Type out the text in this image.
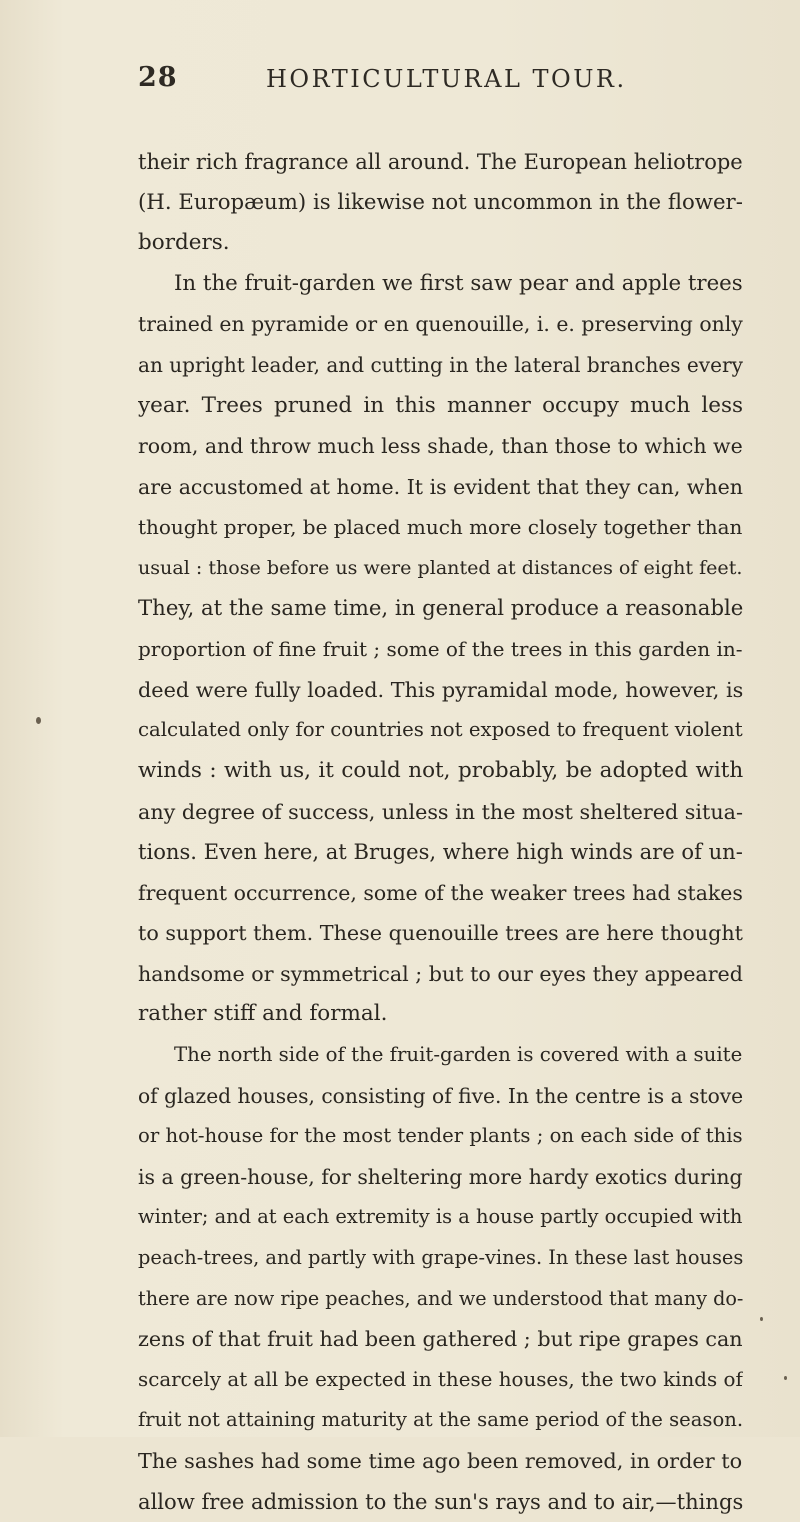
28	HORTICULTURAL TOUR.
their rich fragrance all around. The European heliotrope
(H. Europæum) is likewise not uncommon in the flower-
borders.
In the fruit-garden we first saw pear and apple trees
trained en pyramide or en quenouille, i. e. preserving only
an upright leader, and cutting in the lateral branches every
year. Trees pruned in this manner occupy much less
room, and throw much less shade, than those to which we
are accustomed at home. It is evident that they can, when
thought proper, be placed much more closely together than
usual : those before us were planted at distances of eight feet.
They, at the same time, in general produce a reasonable
proportion of fine fruit ; some of the trees in this garden in-
deed were fully loaded. This pyramidal mode, however, is
calculated only for countries not exposed to frequent violent
winds : with us, it could not, probably, be adopted with
any degree of success, unless in the most sheltered situa-
tions. Even here, at Bruges, where high winds are of un-
frequent occurrence, some of the weaker trees had stakes
to support them. These quenouille trees are here thought
handsome or symmetrical ; but to our eyes they appeared
rather stiff and formal.
The north side of the fruit-garden is covered with a suite
of glazed houses, consisting of five. In the centre is a stove
or hot-house for the most tender plants ; on each side of this
is a green-house, for sheltering more hardy exotics during
winter; and at each extremity is a house partly occupied with
peach-trees, and partly with grape-vines. In these last houses
there are now ripe peaches, and we understood that many do-
zens of that fruit had been gathered ; but ripe grapes can
scarcely at all be expected in these houses, the two kinds of
fruit not attaining maturity at the same period of the season.
The sashes had some time ago been removed, in order to
allow free admission to the sun's rays and to air,—things
